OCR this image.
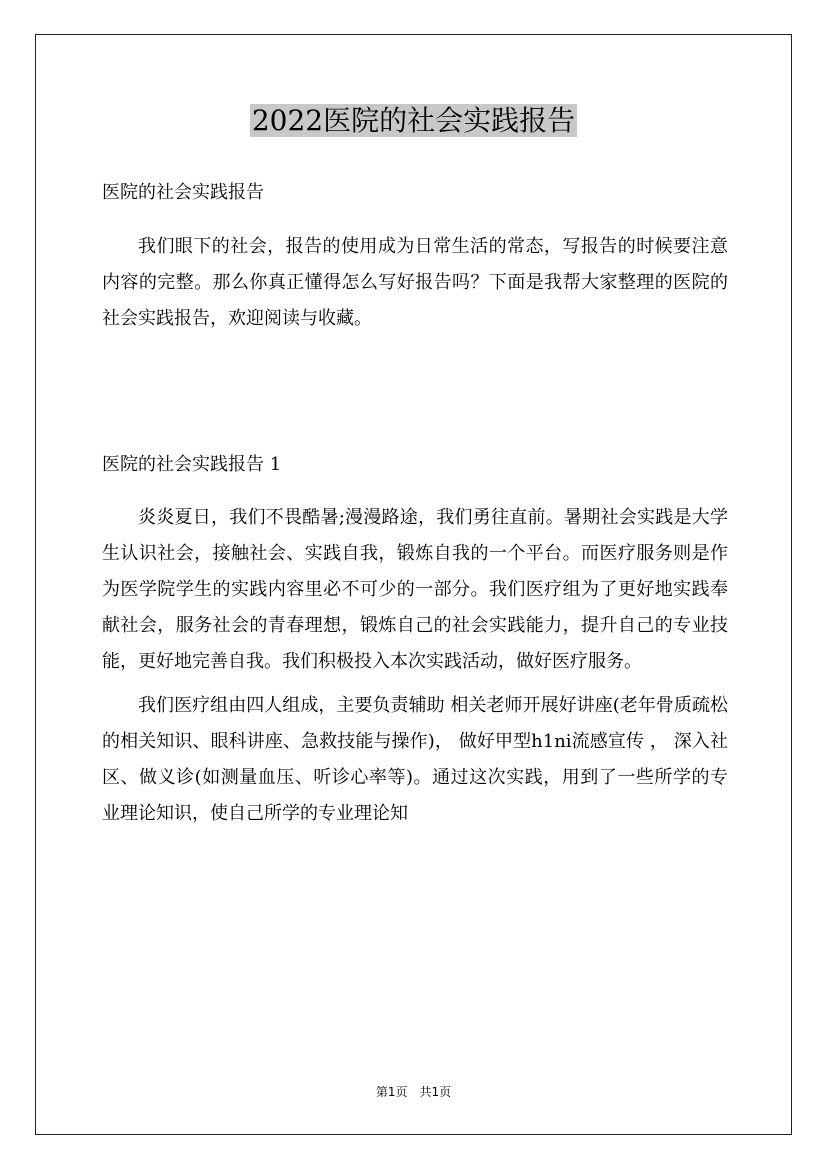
2022医院的社会实践报告
医院的社会实践报告

我们眼下的社会，报告的使用成为日常生活的常态，写报告的时候要注意内容的完整。那么你真正懂得怎么写好报告吗？下面是我帮大家整理的医院的社会实践报告，欢迎阅读与收藏。

医院的社会实践报告 1

炎炎夏日，我们不畏酷暑;漫漫路途，我们勇往直前。暑期社会实践是大学生认识社会，接触社会、实践自我，锻炼自我的一个平台。而医疗服务则是作为医学院学生的实践内容里必不可少的一部分。我们医疗组为了更好地实践奉献社会，服务社会的青春理想，锻炼自己的社会实践能力，提升自己的专业技能，更好地完善自我。我们积极投入本次实践活动，做好医疗服务。

我们医疗组由四人组成，主要负责辅助 相关老师开展好讲座(老年骨质疏松的相关知识、眼科讲座、急救技能与操作)， 做好甲型h1ni流感宣传 ， 深入社区、做义诊(如测量血压、听诊心率等)。通过这次实践，用到了一些所学的专业理论知识，使自己所学的专业理论知

第1页　共1页
